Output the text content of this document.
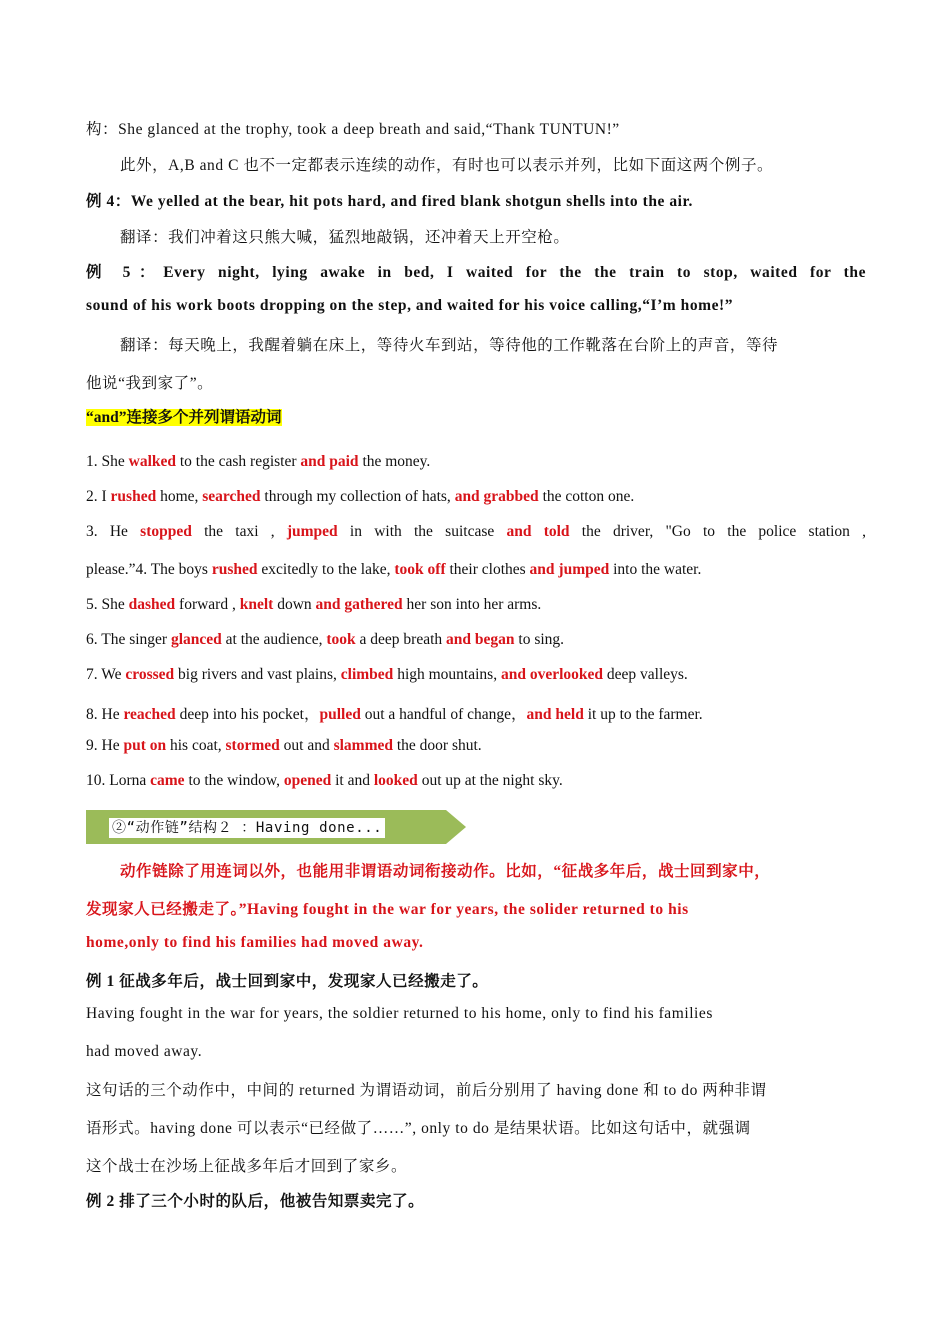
构：She glanced at the trophy, took a deep breath and said,“Thank TUNTUN!”
此外，A,B and C 也不一定都表示连续的动作，有时也可以表示并列，比如下面这两个例子。
例 4：We yelled at the bear, hit pots hard, and fired blank shotgun shells into the air.
翻译：我们冲着这只熊大喊，猛烈地敲锅，还冲着天上开空枪。
例 5：Every night, lying awake in bed, I waited for the the train to stop, waited for the
sound of his work boots dropping on the step, and waited for his voice calling,“I’m home!”
翻译：每天晚上，我醒着躺在床上，等待火车到站，等待他的工作靴落在台阶上的声音，等待
他说“我到家了”。
“and”连接多个并列谓语动词
1. She walked to the cash register and paid the money.
2. I rushed home, searched through my collection of hats, and grabbed the cotton one.
3. He stopped the taxi , jumped in with the suitcase and told the driver, "Go to the police station ,
please.”4. The boys rushed excitedly to the lake, took off their clothes and jumped into the water.
5. She dashed forward , knelt down and gathered her son into her arms.
6. The singer glanced at the audience, took a deep breath and began to sing.
7. We crossed big rivers and vast plains, climbed high mountains, and overlooked deep valleys.
8. He reached deep into his pocket，pulled out a handful of change，and held it up to the farmer.
9. He put on his coat, stormed out and slammed the door shut.
10. Lorna came to the window, opened it and looked out up at the night sky.
②“动作链”结构２ ：Having done...
动作链除了用连词以外，也能用非谓语动词衔接动作。比如，“征战多年后，战士回到家中，
发现家人已经搬走了。”Having fought in the war for years, the solider returned to his
home,only to find his families had moved away.
例 1 征战多年后，战士回到家中，发现家人已经搬走了。
Having fought in the war for years, the soldier returned to his home, only to find his families
had moved away.
这句话的三个动作中，中间的 returned 为谓语动词，前后分别用了 having done 和 to do 两种非谓
语形式。having done 可以表示“已经做了……”, only to do 是结果状语。比如这句话中，就强调
这个战士在沙场上征战多年后才回到了家乡。
例 2 排了三个小时的队后，他被告知票卖完了。
